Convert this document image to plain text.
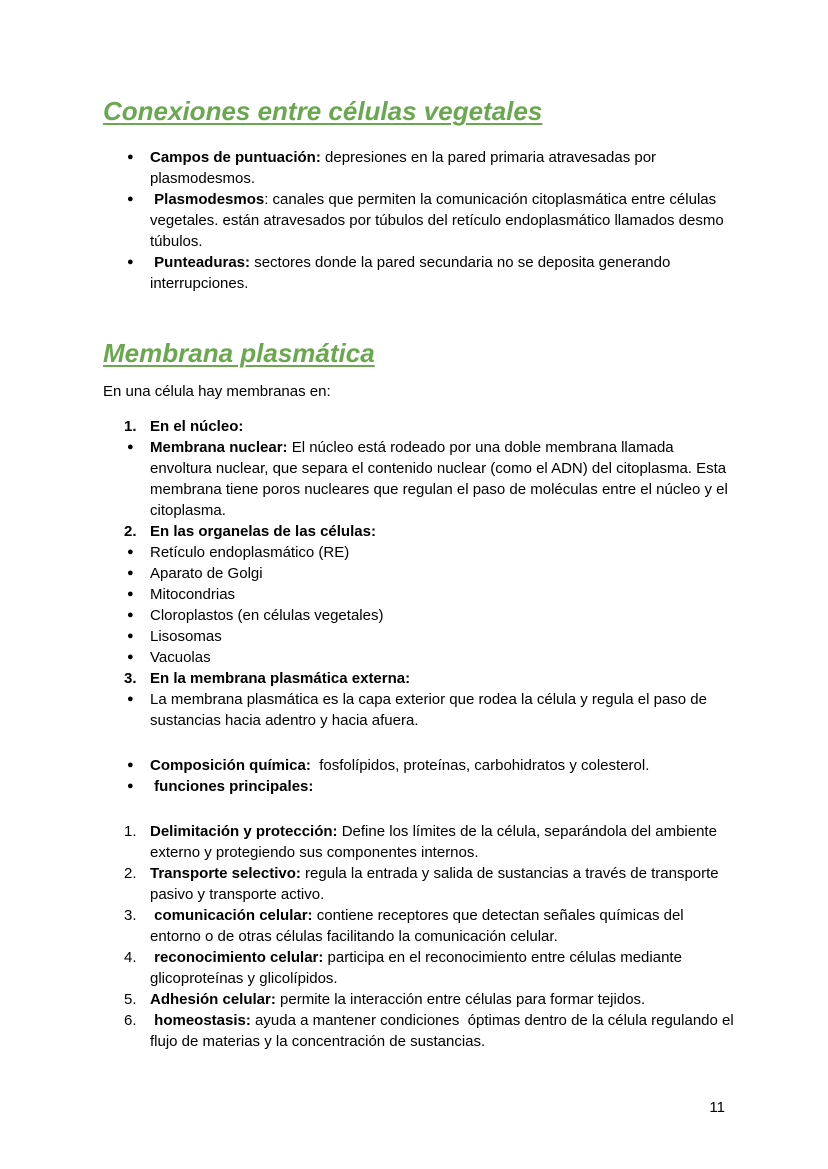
Conexiones entre células vegetales
●	Campos de puntuación: depresiones en la pared primaria atravesadas por plasmodesmos.
●	Plasmodesmos: canales que permiten la comunicación citoplasmática entre células vegetales. están atravesados por túbulos del retículo endoplasmático llamados desmo túbulos.
●	Punteaduras: sectores donde la pared secundaria no se deposita generando interrupciones.
Membrana plasmática

En una célula hay membranas en:

1. En el núcleo:
●	Membrana nuclear: El núcleo está rodeado por una doble membrana llamada envoltura nuclear, que separa el contenido nuclear (como el ADN) del citoplasma. Esta membrana tiene poros nucleares que regulan el paso de moléculas entre el núcleo y el citoplasma.
2. En las organelas de las células:
●	Retículo endoplasmático (RE)
●	Aparato de Golgi
●	Mitocondrias
●	Cloroplastos (en células vegetales)
●	Lisosomas
●	Vacuolas
3. En la membrana plasmática externa:
●	La membrana plasmática es la capa exterior que rodea la célula y regula el paso de sustancias hacia adentro y hacia afuera.
●	Composición química:  fosfolípidos, proteínas, carbohidratos y colesterol.
●	funciones principales:
1. Delimitación y protección: Define los límites de la célula, separándola del ambiente externo y protegiendo sus componentes internos.
2. Transporte selectivo: regula la entrada y salida de sustancias a través de transporte pasivo y transporte activo.
3. comunicación celular: contiene receptores que detectan señales químicas del entorno o de otras células facilitando la comunicación celular.
4. reconocimiento celular: participa en el reconocimiento entre células mediante glicoproteínas y glicolípidos.
5. Adhesión celular: permite la interacción entre células para formar tejidos.
6. homeostasis: ayuda a mantener condiciones  óptimas dentro de la célula regulando el flujo de materias y la concentración de sustancias.
11
